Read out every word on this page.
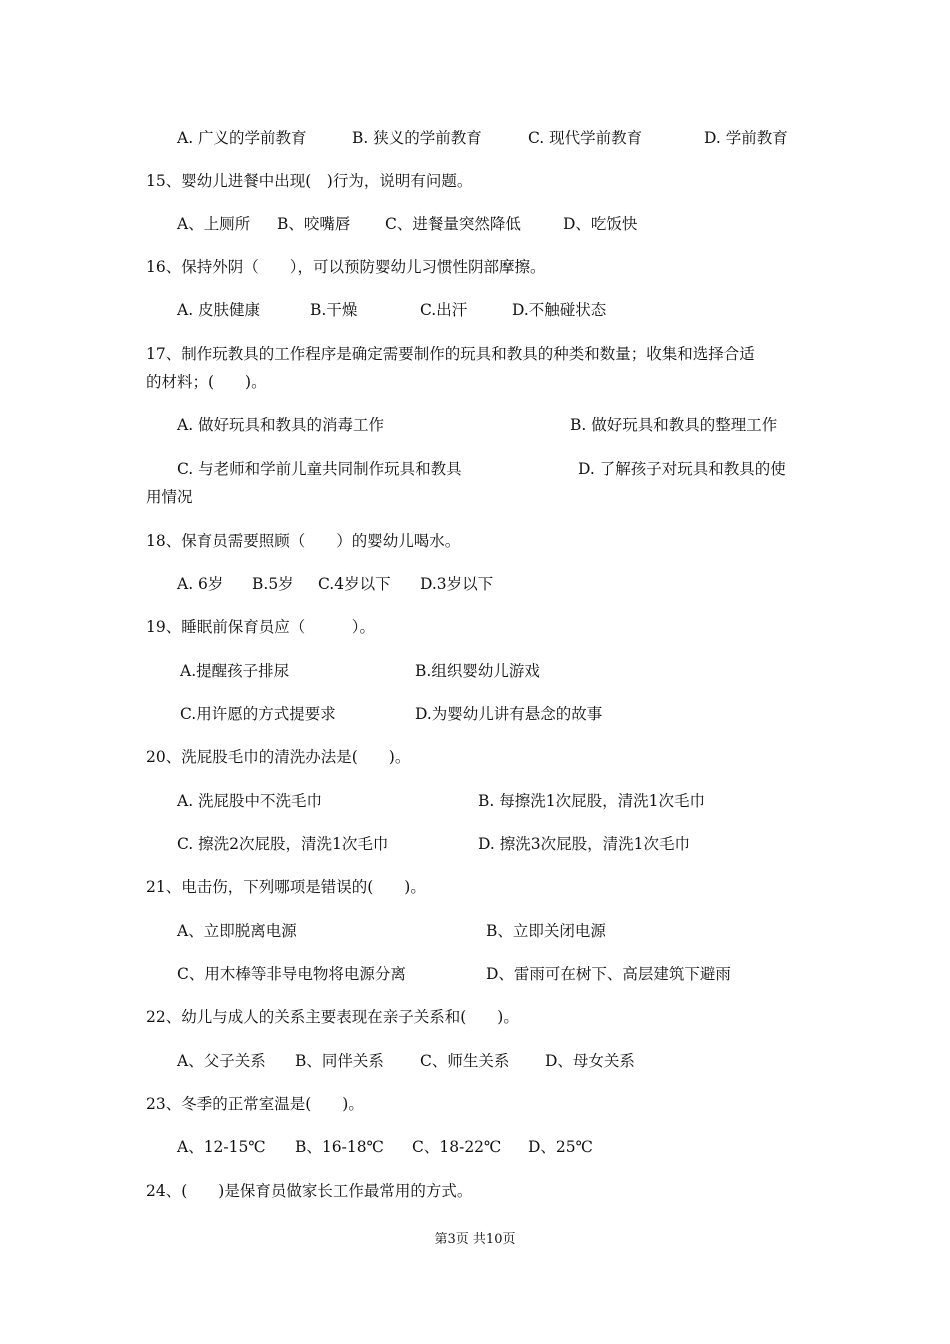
A. 广义的学前教育	B. 狭义的学前教育	C. 现代学前教育	D. 学前教育
15、婴幼儿进餐中出现(　)行为，说明有问题。
A、上厕所 B、咬嘴唇 C、进餐量突然降低	D、吃饭快
16、保持外阴（　　），可以预防婴幼儿习惯性阴部摩擦。
A. 皮肤健康	B.干燥	C.出汗	D.不触碰状态
17、制作玩教具的工作程序是确定需要制作的玩具和教具的种类和数量；收集和选择合适
的材料；(　　)。
A. 做好玩具和教具的消毒工作	B. 做好玩具和教具的整理工作
C. 与老师和学前儿童共同制作玩具和教具	D. 了解孩子对玩具和教具的使
用情况
18、保育员需要照顾（　　）的婴幼儿喝水。
A. 6岁 B.5岁 C.4岁以下 D.3岁以下
19、睡眠前保育员应（　　　）。
A.提醒孩子排尿	B.组织婴幼儿游戏
C.用许愿的方式提要求	D.为婴幼儿讲有悬念的故事
20、洗屁股毛巾的清洗办法是(　　)。
A. 洗屁股中不洗毛巾	B. 每擦洗1次屁股，清洗1次毛巾
C. 擦洗2次屁股，清洗1次毛巾	D. 擦洗3次屁股，清洗1次毛巾
21、电击伤，下列哪项是错误的(　　)。
A、立即脱离电源	B、立即关闭电源
C、用木棒等非导电物将电源分离	D、雷雨可在树下、高层建筑下避雨
22、幼儿与成人的关系主要表现在亲子关系和(　　)。
A、父子关系 B、同伴关系 C、师生关系 D、母女关系
23、冬季的正常室温是(　　)。
A、12-15℃ B、16-18℃ C、18-22℃ D、25℃
24、(　　)是保育员做家长工作最常用的方式。
第3页 共10页
